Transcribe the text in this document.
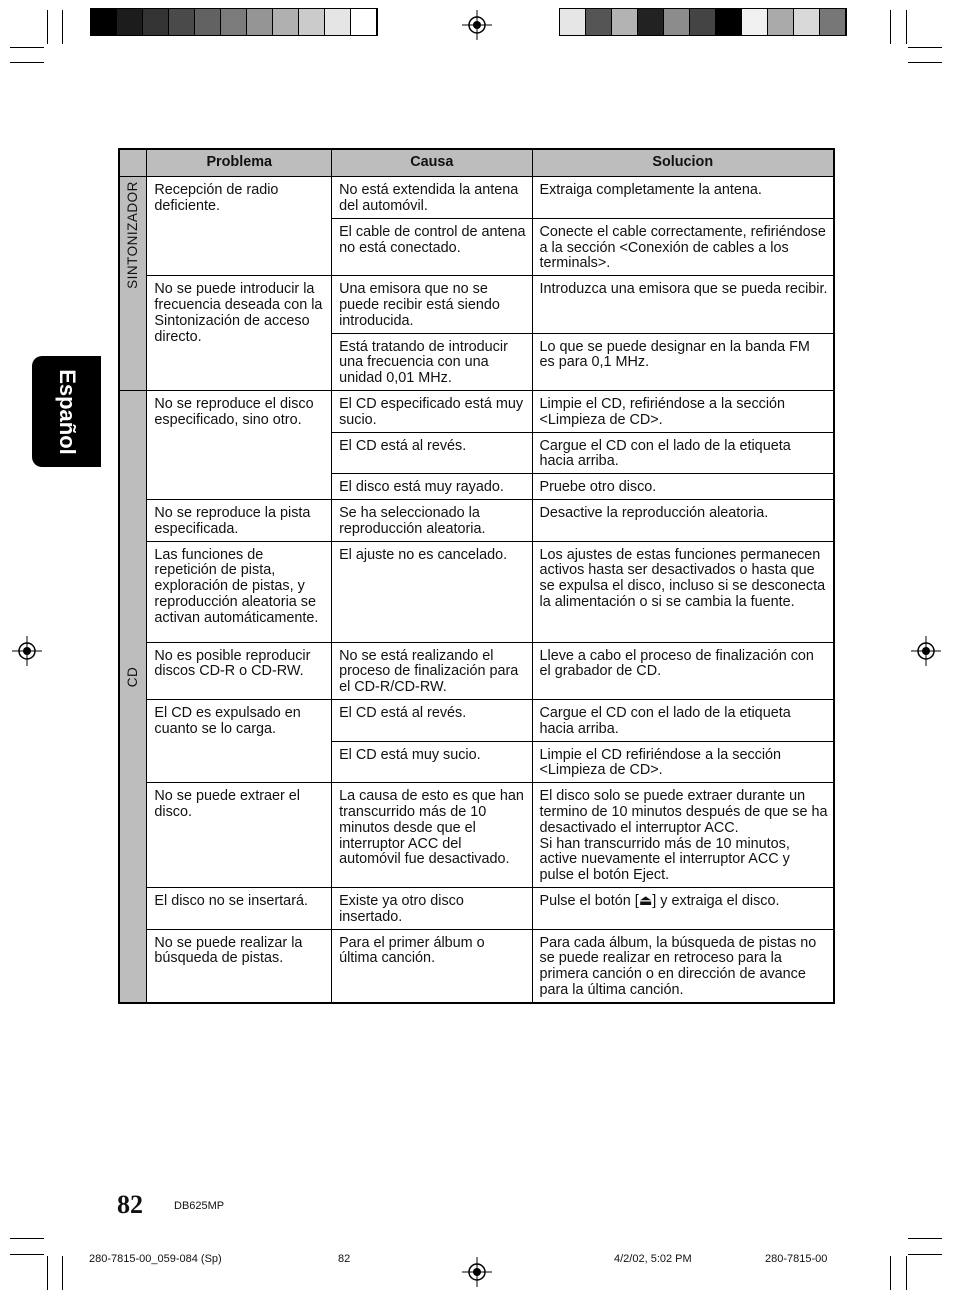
Español
	Problema	Causa	Solucion

SINTONIZADOR	Recepción de radio deficiente.	No está extendida la antena del automóvil.	Extraiga completamente la antena.
		El cable de control de antena no está conectado.	Conecte el cable correctamente, refiriéndose a la sección <Conexión de cables a los terminals>.
	No se puede introducir la frecuencia deseada con la Sintonización de acceso directo.	Una emisora que no se puede recibir está siendo introducida.	Introduzca una emisora que se pueda recibir.
		Está tratando de introducir una frecuencia con una unidad 0,01 MHz.	Lo que se puede designar en la banda FM es para 0,1 MHz.

CD	No se reproduce el disco especificado, sino otro.	El CD especificado está muy sucio.	Limpie el CD, refiriéndose a la sección <Limpieza de CD>.
		El CD está al revés.	Cargue el CD con el lado de la etiqueta hacia arriba.
		El disco está muy rayado.	Pruebe otro disco.
	No se reproduce la pista especificada.	Se ha seleccionado la reproducción aleatoria.	Desactive la reproducción aleatoria.
	Las funciones de repetición de pista, exploración de pistas, y reproducción aleatoria se activan automáticamente.	El ajuste no es cancelado.	Los ajustes de estas funciones permanecen activos hasta ser desactivados o hasta que se expulsa el disco, incluso si se desconecta la alimentación o si se cambia la fuente.
	No es posible reproducir discos CD-R o CD-RW.	No se está realizando el proceso de finalización para el CD-R/CD-RW.	Lleve a cabo el proceso de finalización con el grabador de CD.
	El CD es expulsado en cuanto se lo carga.	El CD está al revés.	Cargue el CD con el lado de la etiqueta hacia arriba.
		El CD está muy sucio.	Limpie el CD refiriéndose a la sección <Limpieza de CD>.
	No se puede extraer el disco.	La causa de esto es que han transcurrido más de 10 minutos desde que el interruptor ACC del automóvil fue desactivado.	El disco solo se puede extraer durante un termino de 10 minutos después de que se ha desactivado el interruptor ACC.
Si han transcurrido más de 10 minutos, active nuevamente el interruptor ACC y pulse el botón Eject.
	El disco no se insertará.	Existe ya otro disco insertado.	Pulse el botón [⏏] y extraiga el disco.
	No se puede realizar la búsqueda de pistas.	Para el primer álbum o última canción.	Para cada álbum, la búsqueda de pistas no se puede realizar en retroceso para la primera canción o en dirección de avance para la última canción.
82	DB625MP
280-7815-00_059-084 (Sp)	82	4/2/02, 5:02 PM	280-7815-00
